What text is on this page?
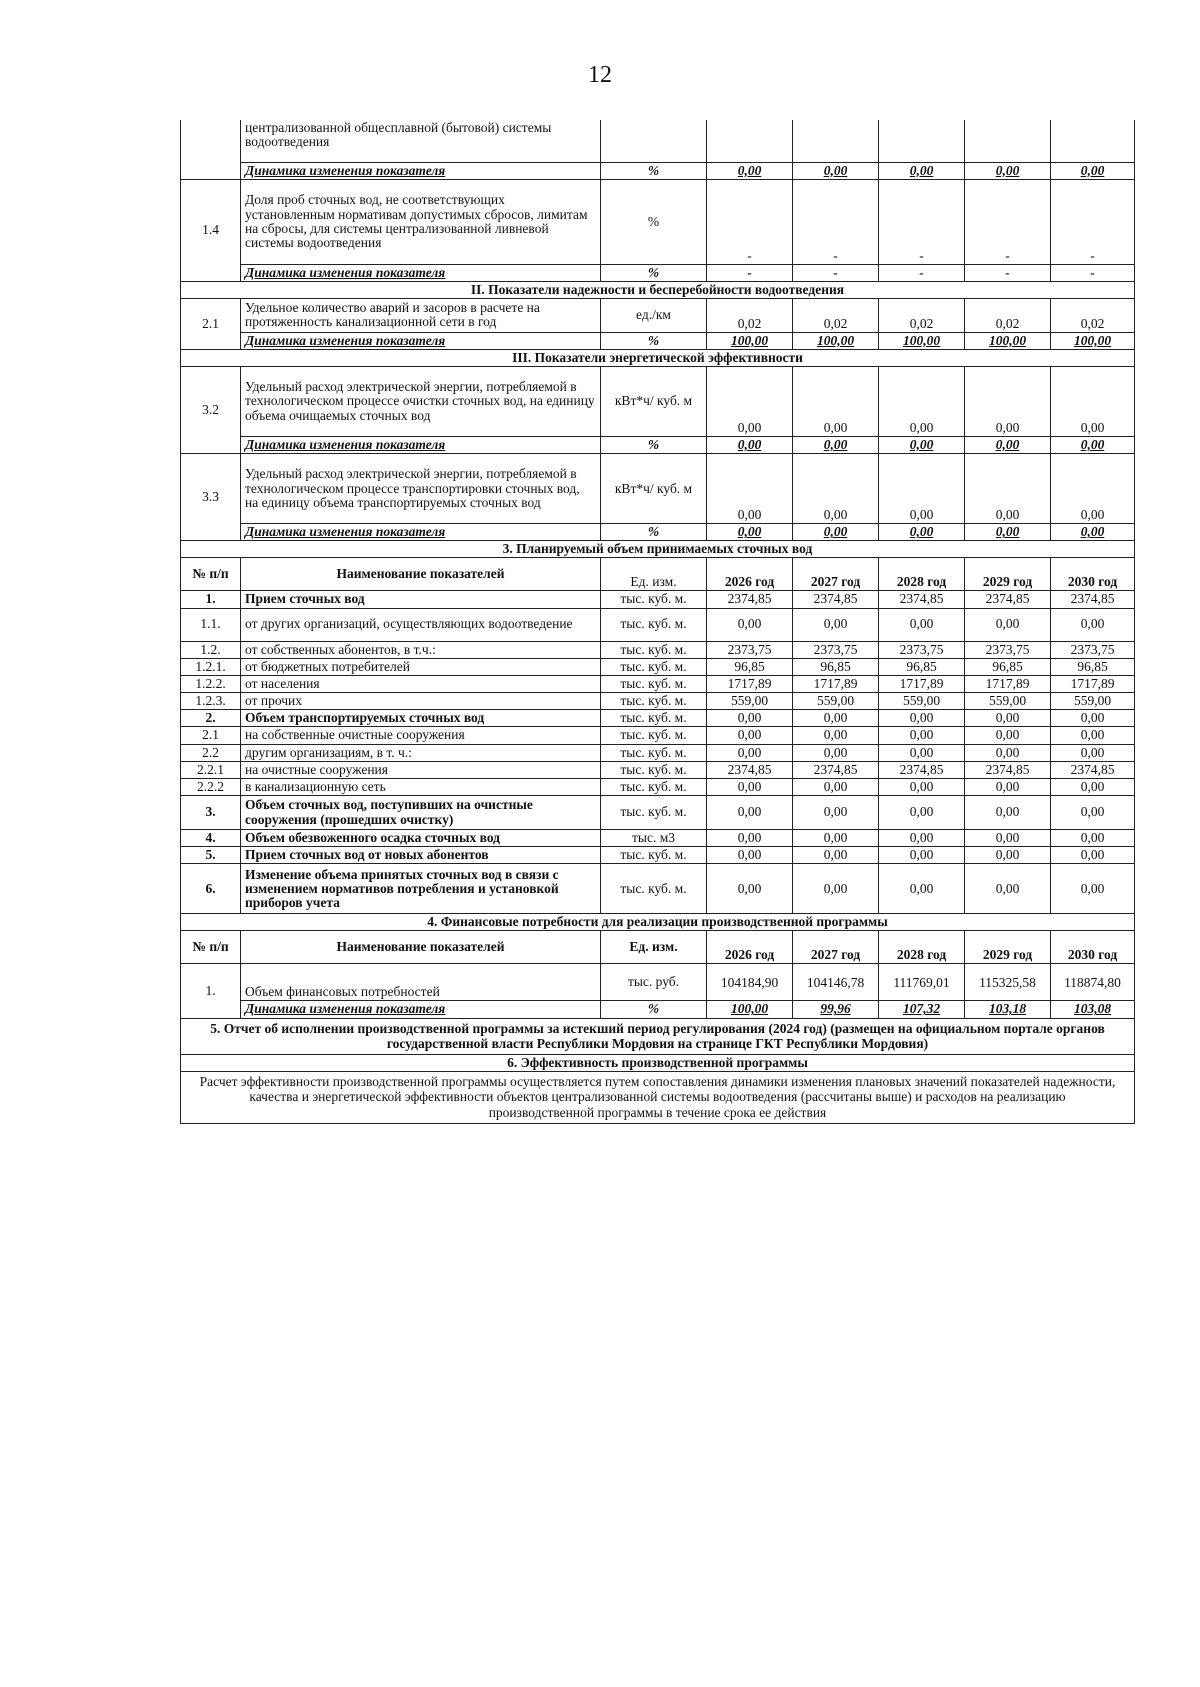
12
	централизованной общесплавной (бытовой) системы водоотведения						
	Динамика изменения показателя	%	0,00	0,00	0,00	0,00	0,00
1.4	Доля проб сточных вод, не соответствующих установленным нормативам допустимых сбросов, лимитам на сбросы, для системы централизованной ливневой системы водоотведения	%	-	-	-	-	-
	Динамика изменения показателя	%	-	-	-	-	-
II. Показатели надежности и бесперебойности водоотведения							
2.1	Удельное количество аварий и засоров в расчете на протяженность канализационной сети в год	ед./км	0,02	0,02	0,02	0,02	0,02
	Динамика изменения показателя	%	100,00	100,00	100,00	100,00	100,00
III. Показатели энергетической эффективности							
3.2	Удельный расход электрической энергии, потребляемой в технологическом процессе очистки сточных вод, на единицу объема очищаемых сточных вод	кВт*ч/ куб. м	0,00	0,00	0,00	0,00	0,00
	Динамика изменения показателя	%	0,00	0,00	0,00	0,00	0,00
3.3	Удельный расход электрической энергии, потребляемой в технологическом процессе транспортировки сточных вод, на единицу объема транспортируемых сточных вод	кВт*ч/ куб. м	0,00	0,00	0,00	0,00	0,00
	Динамика изменения показателя	%	0,00	0,00	0,00	0,00	0,00
3. Планируемый объем принимаемых сточных вод							
№ п/п	Наименование показателей	Ед. изм.	2026 год	2027 год	2028 год	2029 год	2030 год
1.	Прием сточных вод	тыс. куб. м.	2374,85	2374,85	2374,85	2374,85	2374,85
1.1.	от других организаций, осуществляющих водоотведение	тыс. куб. м.	0,00	0,00	0,00	0,00	0,00
1.2.	от собственных абонентов, в т.ч.:	тыс. куб. м.	2373,75	2373,75	2373,75	2373,75	2373,75
1.2.1.	от бюджетных потребителей	тыс. куб. м.	96,85	96,85	96,85	96,85	96,85
1.2.2.	от населения	тыс. куб. м.	1717,89	1717,89	1717,89	1717,89	1717,89
1.2.3.	от прочих	тыс. куб. м.	559,00	559,00	559,00	559,00	559,00
2.	Объем транспортируемых сточных вод	тыс. куб. м.	0,00	0,00	0,00	0,00	0,00
2.1	на собственные очистные сооружения	тыс. куб. м.	0,00	0,00	0,00	0,00	0,00
2.2	другим организациям, в т. ч.:	тыс. куб. м.	0,00	0,00	0,00	0,00	0,00
2.2.1	на очистные сооружения	тыс. куб. м.	2374,85	2374,85	2374,85	2374,85	2374,85
2.2.2	в канализационную сеть	тыс. куб. м.	0,00	0,00	0,00	0,00	0,00
3.	Объем сточных вод, поступивших на очистные сооружения (прошедших очистку)	тыс. куб. м.	0,00	0,00	0,00	0,00	0,00
4.	Объем обезвоженного осадка сточных вод	тыс. м3	0,00	0,00	0,00	0,00	0,00
5.	Прием сточных вод от новых абонентов	тыс. куб. м.	0,00	0,00	0,00	0,00	0,00
6.	Изменение объема принятых сточных вод в связи с изменением нормативов потребления и установкой приборов учета	тыс. куб. м.	0,00	0,00	0,00	0,00	0,00
4. Финансовые потребности для реализации производственной программы							
№ п/п	Наименование показателей	Ед. изм.	2026 год	2027 год	2028 год	2029 год	2030 год
1.	Объем финансовых потребностей	тыс. руб.	104184,90	104146,78	111769,01	115325,58	118874,80
	Динамика изменения показателя	%	100,00	99,96	107,32	103,18	103,08
5. Отчет об исполнении производственной программы за истекший период регулирования (2024 год) (размещен на официальном портале органов государственной власти Республики Мордовия на странице ГКТ Республики Мордовия)							
6. Эффективность производственной программы							
Расчет эффективности производственной программы осуществляется путем сопоставления динамики изменения плановых значений показателей надежности, качества и энергетической эффективности объектов централизованной системы водоотведения (рассчитаны выше) и расходов на реализацию производственной программы в течение срока ее действия							
